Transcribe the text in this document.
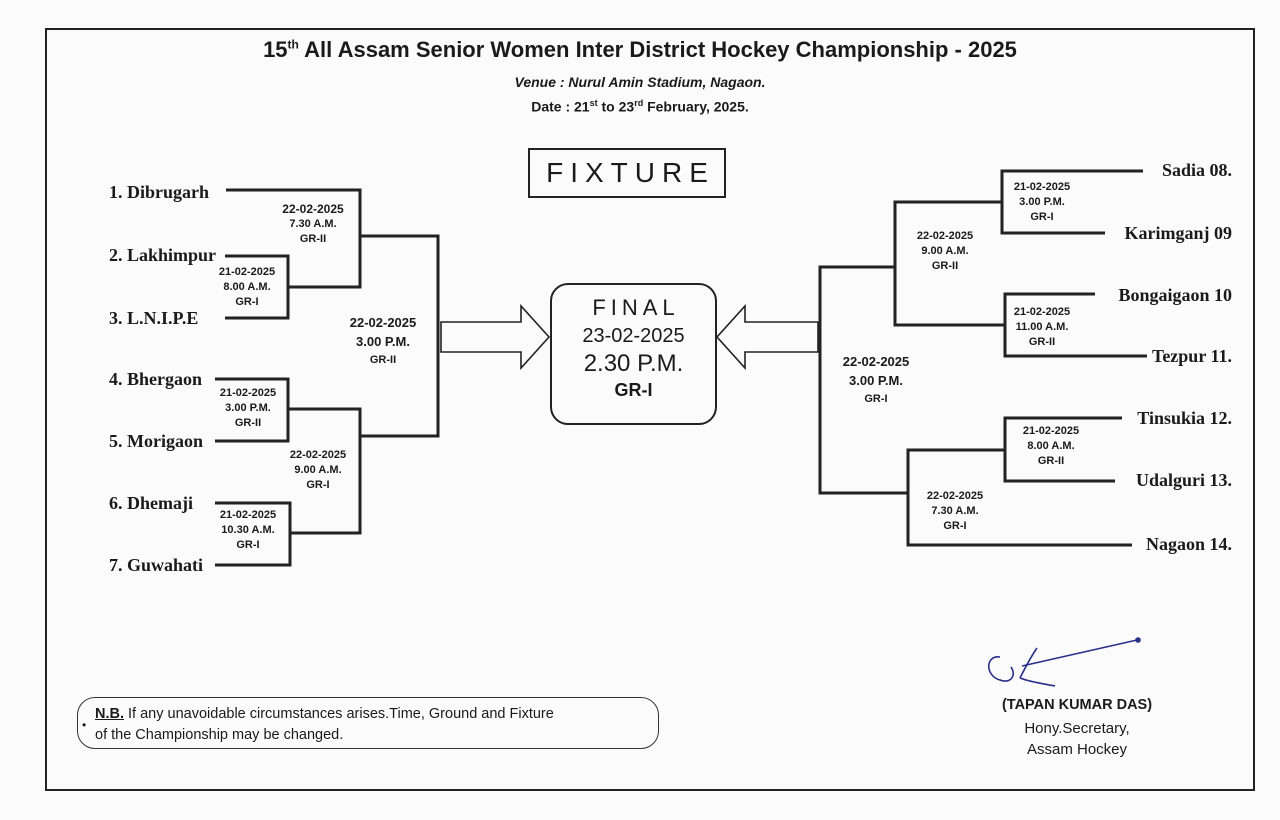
15th All Assam Senior Women Inter District Hockey Championship - 2025
Venue : Nurul Amin Stadium, Nagaon.
Date : 21st to 23rd February, 2025.
FIXTURE
1. Dibrugarh
2. Lakhimpur
3. L.N.I.P.E
4. Bhergaon
5. Morigaon
6. Dhemaji
7. Guwahati
Sadia 08.
Karimganj 09
Bongaigaon 10
Tezpur 11.
Tinsukia 12.
Udalguri 13.
Nagaon 14.
22-02-2025
7.30 A.M.
GR-II
21-02-2025
8.00 A.M.
GR-I
21-02-2025
3.00 P.M.
GR-II
22-02-2025
9.00 A.M.
GR-I
21-02-2025
10.30 A.M.
GR-I
22-02-2025
3.00 P.M.
GR-II
21-02-2025
3.00 P.M.
GR-I
22-02-2025
9.00 A.M.
GR-II
21-02-2025
11.00 A.M.
GR-II
22-02-2025
3.00 P.M.
GR-I
21-02-2025
8.00 A.M.
GR-II
22-02-2025
7.30 A.M.
GR-I
FINAL
23-02-2025
2.30 P.M.
GR-I
•
N.B. If any unavoidable circumstances arises.Time, Ground and Fixture
of the Championship may be changed.
(TAPAN KUMAR DAS)
Hony.Secretary,
Assam Hockey
